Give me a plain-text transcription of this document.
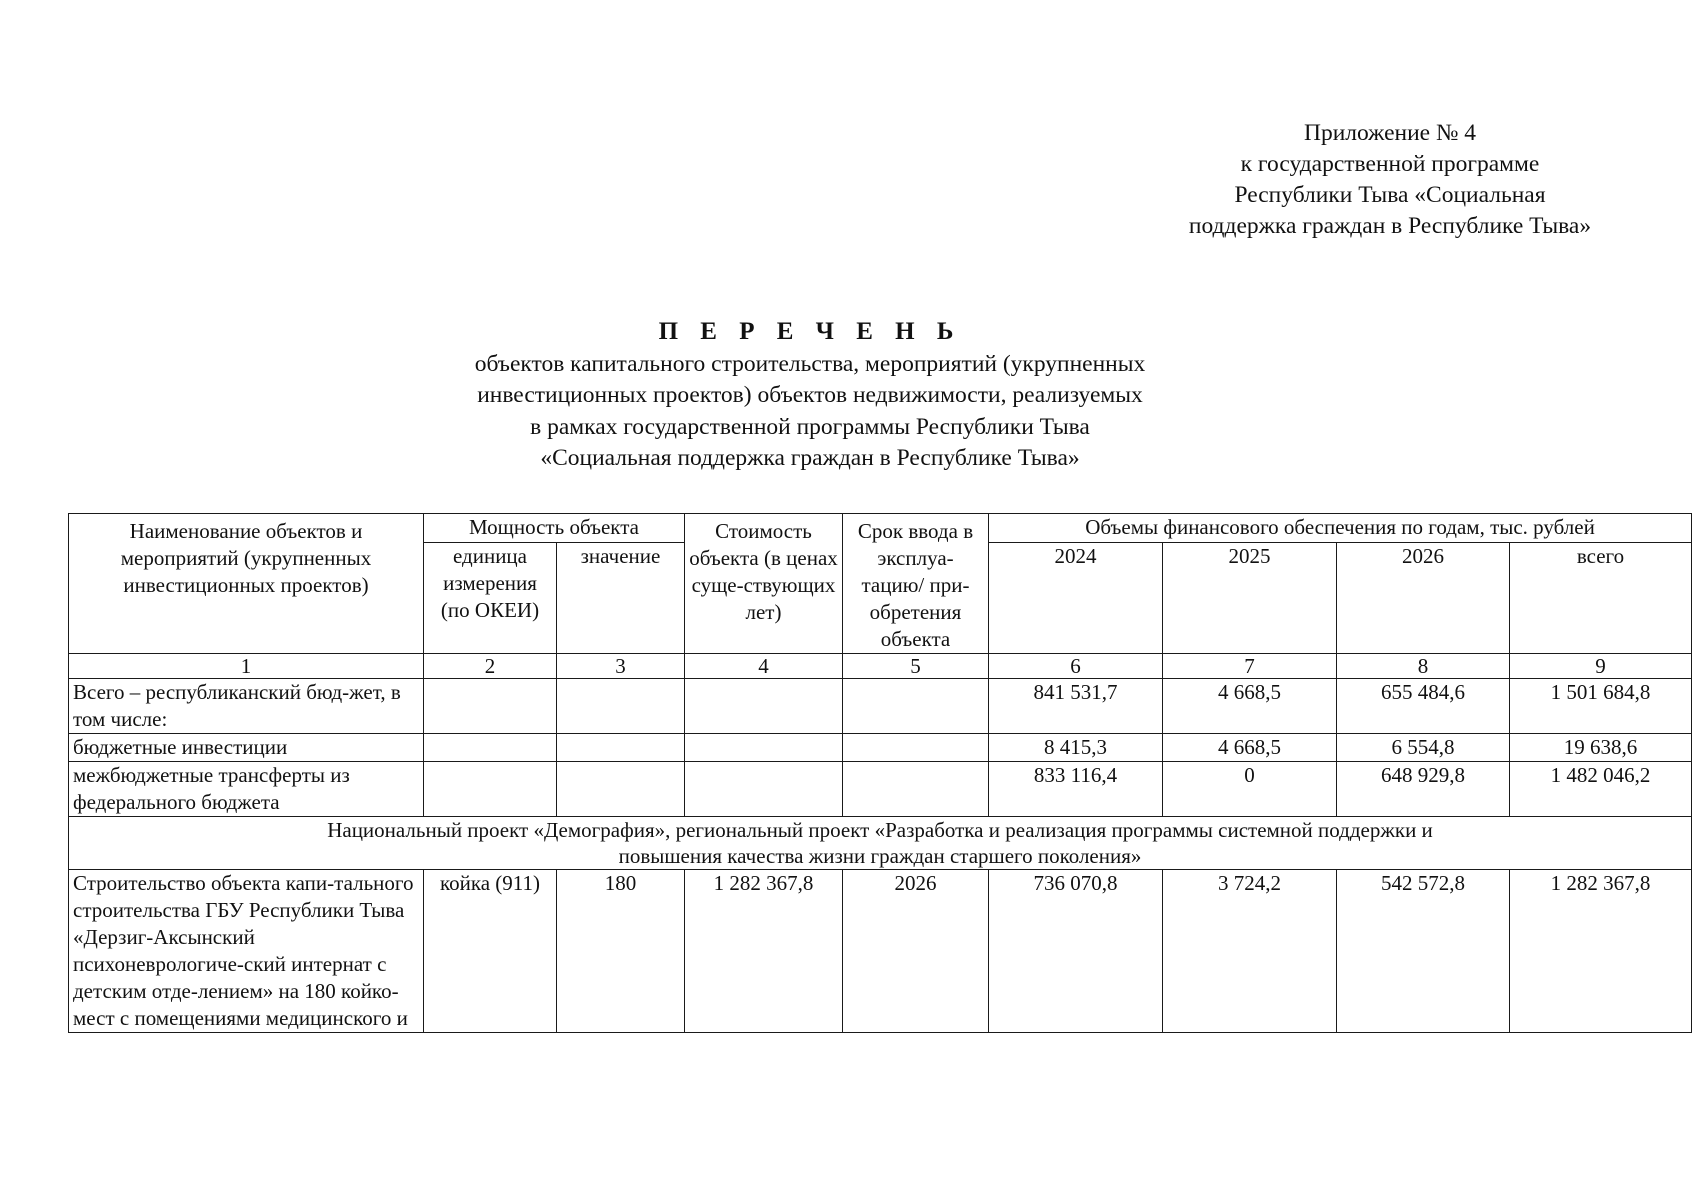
Приложение № 4
к государственной программе
Республики Тыва «Социальная
поддержка граждан в Республике Тыва»
П Е Р Е Ч Е Н Ь
объектов капитального строительства, мероприятий (укрупненных
инвестиционных проектов) объектов недвижимости, реализуемых
в рамках государственной программы Республики Тыва
«Социальная поддержка граждан в Республике Тыва»
Наименование объектов и мероприятий (укрупненных инвестиционных проектов)	Мощность объекта		Стоимость объекта (в ценах суще-ствующих лет)	Срок ввода в эксплуа-тацию/ при-обретения объекта	Объемы финансового обеспечения по годам, тыс. рублей			
	единица измерения (по ОКЕИ)	значение			2024	2025	2026	всего
1	2	3	4	5	6	7	8	9
Всего – республиканский бюд-жет, в том числе:					841 531,7	4 668,5	655 484,6	1 501 684,8
бюджетные инвестиции					8 415,3	4 668,5	6 554,8	19 638,6
межбюджетные трансферты из федерального бюджета					833 116,4	0	648 929,8	1 482 046,2

Национальный проект «Демография», региональный проект «Разработка и реализация программы системной поддержки и
повышения качества жизни граждан старшего поколения»								

Строительство объекта капи-тального строительства ГБУ Республики Тыва «Дерзиг-Аксынский психоневрологиче-ский интернат с детским отде-лением» на 180 койко-мест с помещениями медицинского и	койка (911)	180	1 282 367,8	2026	736 070,8	3 724,2	542 572,8	1 282 367,8
